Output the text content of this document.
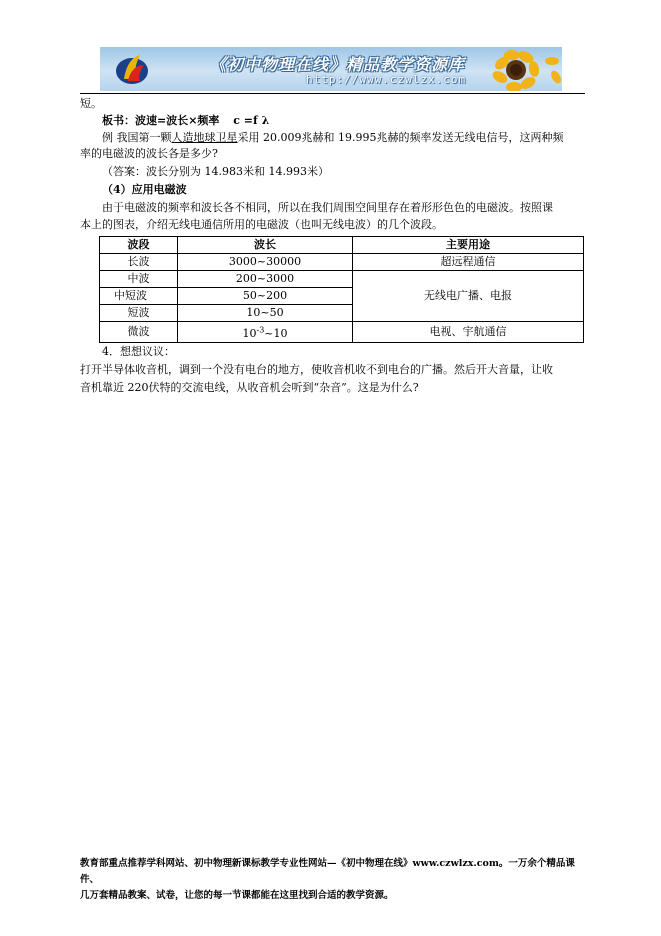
《初中物理在线》精品教学资源库
http://www.czwlzx.com
短。
板书：波速=波长×频率 c =f λ
例 我国第一颗人造地球卫星采用 20.009兆赫和 19.995兆赫的频率发送无线电信号，这两种频
率的电磁波的波长各是多少?
（答案：波长分别为 14.983米和 14.993米）
（4）应用电磁波
由于电磁波的频率和波长各不相同，所以在我们周围空间里存在着形形色色的电磁波。按照课
本上的图表，介绍无线电通信所用的电磁波（也叫无线电波）的几个波段。
波段	波长	主要用途
长波	3000~30000	超远程通信
中波	200~3000	无线电广播、电报
中短波	50~200	
短波	10~50	
微波	$10^{-3}\sim 10$	电视、宇航通信
4．想想议议：
打开半导体收音机，调到一个没有电台的地方，使收音机收不到电台的广播。然后开大音量，让收
音机靠近 220伏特的交流电线，从收音机会听到“杂音”。这是为什么?
教育部重点推荐学科网站、初中物理新课标教学专业性网站—《初中物理在线》www.czwlzx.com。一万余个精品课件、
几万套精品教案、试卷，让您的每一节课都能在这里找到合适的教学资源。
